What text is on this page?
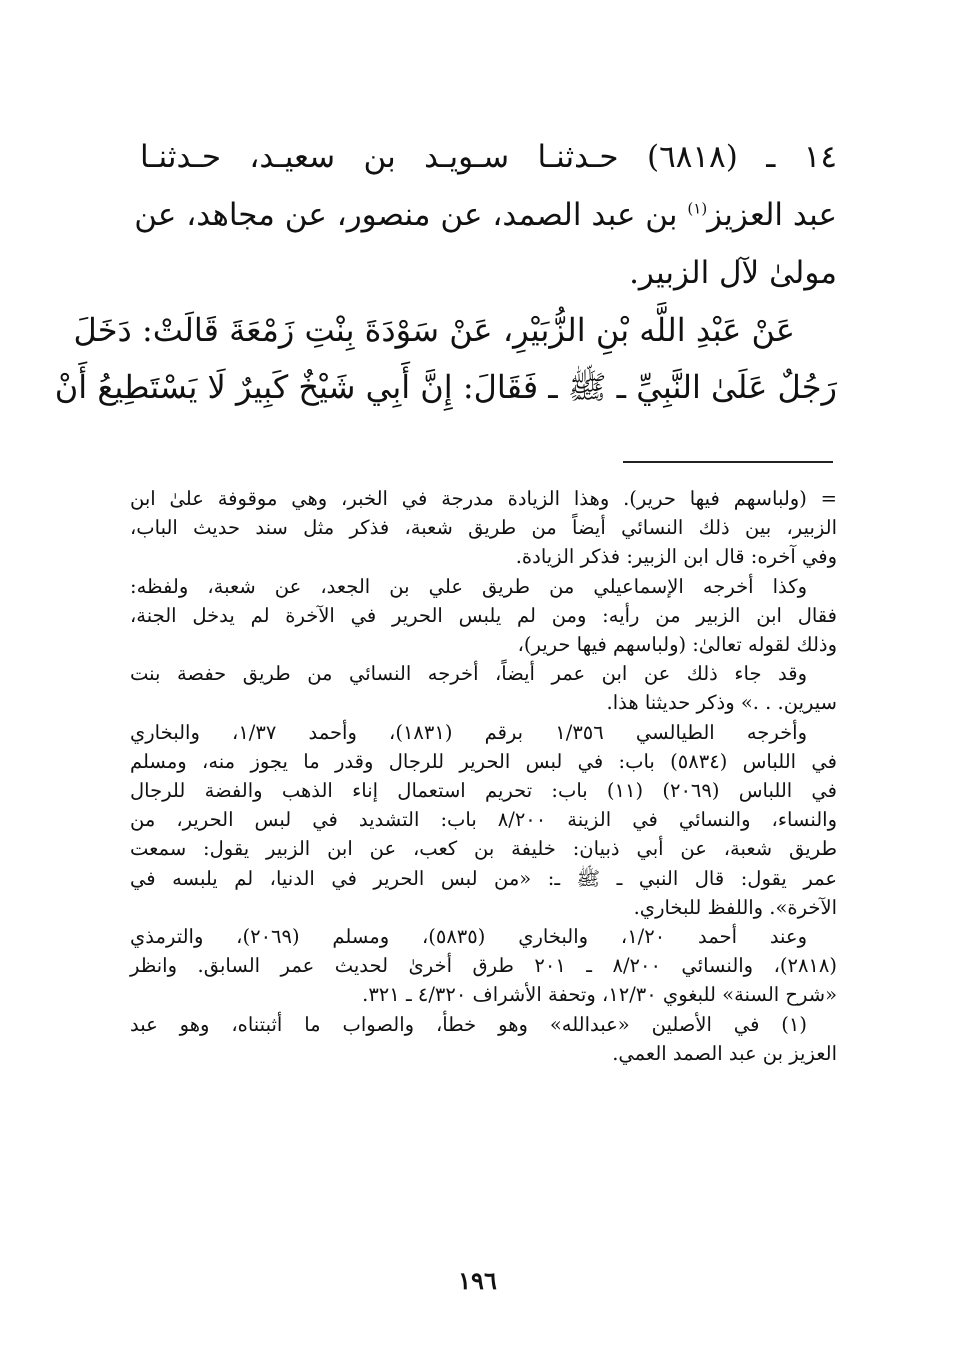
١٤ ـ (٦٨١٨) حـدثنـا سـويـد بن سعيـد، حـدثنـا
عبد العزيز$^{(١)}$ بن عبد الصمد، عن منصور، عن مجاهد، عن
مولىٰ لآل الزبير.
عَنْ عَبْدِ اللَّه بْنِ الزُّبَيْرِ، عَنْ سَوْدَةَ بِنْتِ زَمْعَةَ قَالَتْ: دَخَلَ
رَجُلٌ عَلَىٰ النَّبِيِّ ـ ﷺ ـ فَقَالَ: إِنَّ أَبِي شَيْخٌ كَبِيرٌ لَا يَسْتَطِيعُ أَنْ
= (ولباسهم فيها حرير). وهذا الزيادة مدرجة في الخبر، وهي موقوفة علىٰ ابن
الزبير، بين ذلك النسائي أيضاً من طريق شعبة، فذكر مثل سند حديث الباب،
وفي آخره: قال ابن الزبير: فذكر الزيادة.
وكذا أخرجه الإسماعيلي من طريق علي بن الجعد، عن شعبة، ولفظه:
فقال ابن الزبير من رأيه: ومن لم يلبس الحرير في الآخرة لم يدخل الجنة،
وذلك لقوله تعالىٰ: (ولباسهم فيها حرير)،
وقد جاء ذلك عن ابن عمر أيضاً، أخرجه النسائي من طريق حفصة بنت
سيرين. . .» وذكر حديثنا هذا.
وأخرجه الطيالسي ١/٣٥٦ برقم (١٨٣١)، وأحمد ١/٣٧، والبخاري
في اللباس (٥٨٣٤) باب: في لبس الحرير للرجال وقدر ما يجوز منه، ومسلم
في اللباس (٢٠٦٩) (١١) باب: تحريم استعمال إناء الذهب والفضة للرجال
والنساء، والنسائي في الزينة ٨/٢٠٠ باب: التشديد في لبس الحرير، من
طريق شعبة، عن أبي ذبيان: خليفة بن كعب، عن ابن الزبير يقول: سمعت
عمر يقول: قال النبي ـ ﷺ ـ: «من لبس الحرير في الدنيا، لم يلبسه في
الآخرة». واللفظ للبخاري.
وعند أحمد ١/٢٠، والبخاري (٥٨٣٥)، ومسلم (٢٠٦٩)، والترمذي
(٢٨١٨)، والنسائي ٨/٢٠٠ ـ ٢٠١ طرق أخرىٰ لحديث عمر السابق. وانظر
«شرح السنة» للبغوي ١٢/٣٠، وتحفة الأشراف ٤/٣٢٠ ـ ٣٢١.
(١) في الأصلين «عبدالله» وهو خطأ، والصواب ما أثبتناه، وهو عبد
العزيز بن عبد الصمد العمي.
١٩٦
